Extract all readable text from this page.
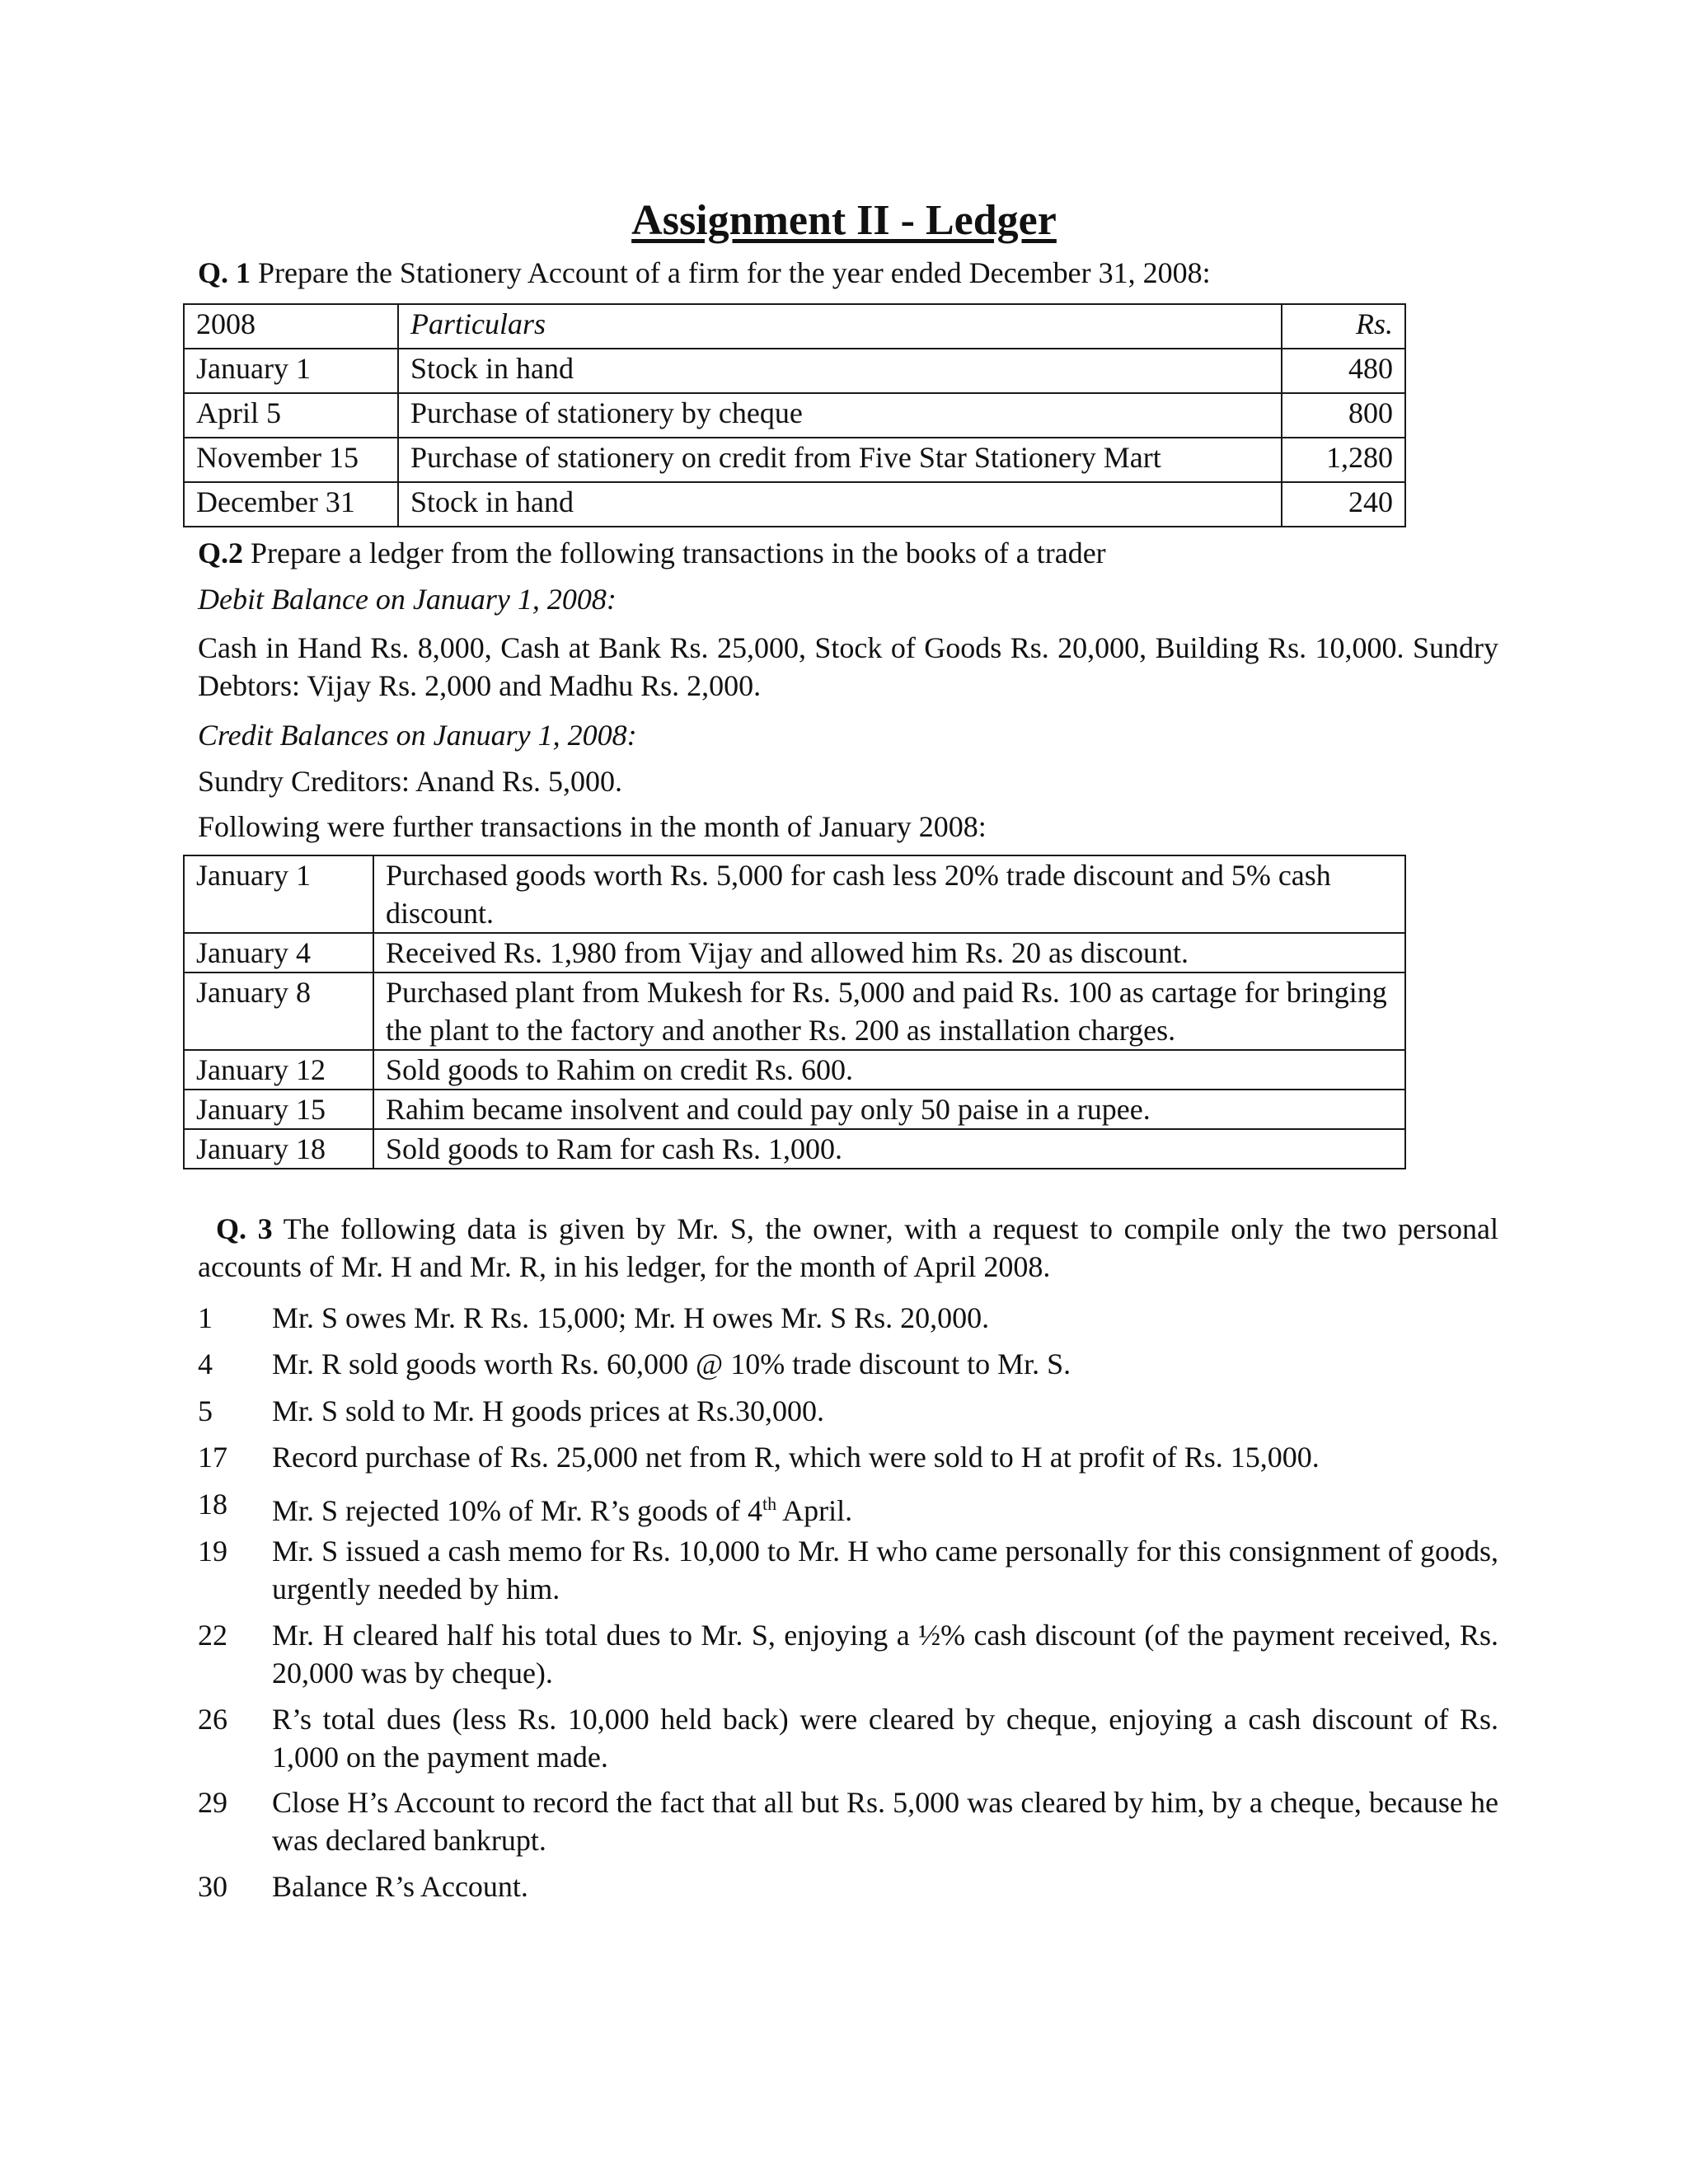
Assignment II - Ledger
Q. 1 Prepare the Stationery Account of a firm for the year ended December 31, 2008:
2008	Particulars	Rs.
January 1	Stock in hand	480
April 5	Purchase of stationery by cheque	800
November 15	Purchase of stationery on credit from Five Star Stationery Mart	1,280
December 31	Stock in hand	240
Q.2 Prepare a ledger from the following transactions in the books of a trader
Debit Balance on January 1, 2008:
Cash in Hand Rs. 8,000, Cash at Bank Rs. 25,000, Stock of Goods Rs. 20,000, Building Rs. 10,000. Sundry Debtors: Vijay Rs. 2,000 and Madhu Rs. 2,000.
Credit Balances on January 1, 2008:
Sundry Creditors: Anand Rs. 5,000.
Following were further transactions in the month of January 2008:
January 1	Purchased goods worth Rs. 5,000 for cash less 20% trade discount and 5% cash discount.
January 4	Received Rs. 1,980 from Vijay and allowed him Rs. 20 as discount.
January 8	Purchased plant from Mukesh for Rs. 5,000 and paid Rs. 100 as cartage for bringing the plant to the factory and another Rs. 200 as installation charges.
January 12	Sold goods to Rahim on credit Rs. 600.
January 15	Rahim became insolvent and could pay only 50 paise in a rupee.
January 18	Sold goods to Ram for cash Rs. 1,000.
Q. 3 The following data is given by Mr. S, the owner, with a request to compile only the two personal accounts of Mr. H and Mr. R, in his ledger, for the month of April 2008.
1	Mr. S owes Mr. R Rs. 15,000; Mr. H owes Mr. S Rs. 20,000.
4	Mr. R sold goods worth Rs. 60,000 @ 10% trade discount to Mr. S.
5	Mr. S sold to Mr. H goods prices at Rs.30,000.
17	Record purchase of Rs. 25,000 net from R, which were sold to H at profit of Rs. 15,000.
18	Mr. S rejected 10% of Mr. R’s goods of 4th April.
19	Mr. S issued a cash memo for Rs. 10,000 to Mr. H who came personally for this consignment of goods, urgently needed by him.
22	Mr. H cleared half his total dues to Mr. S, enjoying a ½% cash discount (of the payment received, Rs. 20,000 was by cheque).
26	R’s total dues (less Rs. 10,000 held back) were cleared by cheque, enjoying a cash discount of Rs. 1,000 on the payment made.
29	Close H’s Account to record the fact that all but Rs. 5,000 was cleared by him, by a cheque, because he was declared bankrupt.
30	Balance R’s Account.
